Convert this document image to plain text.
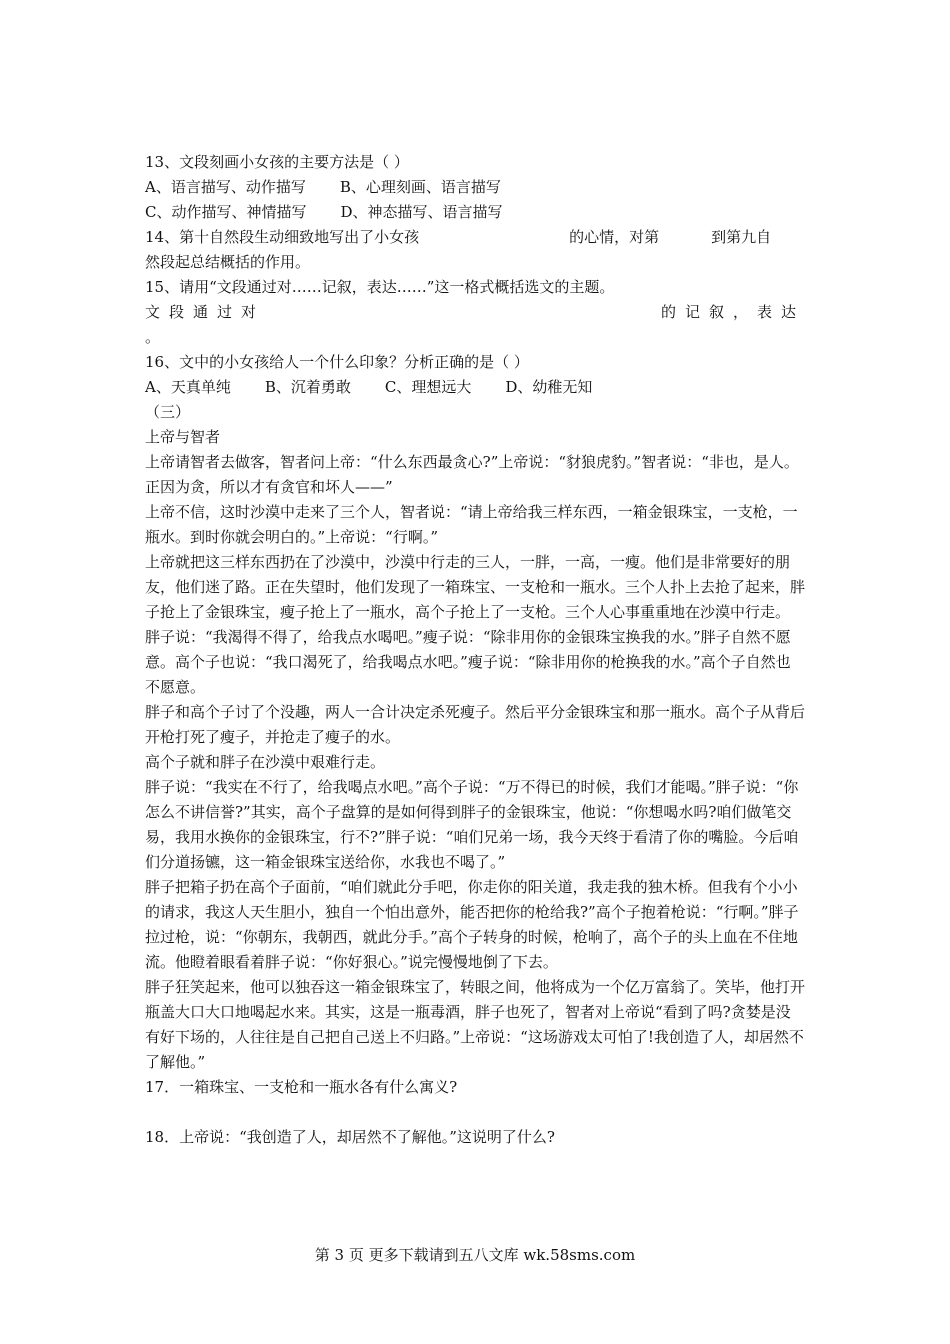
13、文段刻画小女孩的主要方法是（ ）

A、语言描写、动作描写 B、心理刻画、语言描写

C、动作描写、神情描写 D、神态描写、语言描写

14、第十自然段生动细致地写出了小女孩	的心情，对第	到第九自

然段起总结概括的作用。

15、请用“文段通过对……记叙，表达……”这一格式概括选文的主题。

文段通过对	的记叙，表达

。

16、文中的小女孩给人一个什么印象？分析正确的是（ ）

A、天真单纯 B、沉着勇敢 C、理想远大 D、幼稚无知

（三）

上帝与智者

上帝请智者去做客，智者问上帝：“什么东西最贪心?”上帝说：“豺狼虎豹。”智者说：“非也，是人。正因为贪，所以才有贪官和坏人——”

上帝不信，这时沙漠中走来了三个人，智者说：“请上帝给我三样东西，一箱金银珠宝，一支枪，一瓶水。到时你就会明白的。”上帝说：“行啊。”

上帝就把这三样东西扔在了沙漠中，沙漠中行走的三人，一胖，一高，一瘦。他们是非常要好的朋友，他们迷了路。正在失望时，他们发现了一箱珠宝、一支枪和一瓶水。三个人扑上去抢了起来，胖子抢上了金银珠宝，瘦子抢上了一瓶水，高个子抢上了一支枪。三个人心事重重地在沙漠中行走。

胖子说：“我渴得不得了，给我点水喝吧。”瘦子说：“除非用你的金银珠宝换我的水。”胖子自然不愿意。高个子也说：“我口渴死了，给我喝点水吧。”瘦子说：“除非用你的枪换我的水。”高个子自然也不愿意。

胖子和高个子讨了个没趣，两人一合计决定杀死瘦子。然后平分金银珠宝和那一瓶水。高个子从背后开枪打死了瘦子，并抢走了瘦子的水。

高个子就和胖子在沙漠中艰难行走。

胖子说：“我实在不行了，给我喝点水吧。”高个子说：“万不得已的时候，我们才能喝。”胖子说：“你怎么不讲信誉?”其实，高个子盘算的是如何得到胖子的金银珠宝，他说：“你想喝水吗?咱们做笔交易，我用水换你的金银珠宝，行不?”胖子说：“咱们兄弟一场，我今天终于看清了你的嘴脸。今后咱们分道扬镳，这一箱金银珠宝送给你，水我也不喝了。”

胖子把箱子扔在高个子面前，“咱们就此分手吧，你走你的阳关道，我走我的独木桥。但我有个小小的请求，我这人天生胆小，独自一个怕出意外，能否把你的枪给我?”高个子抱着枪说：“行啊。”胖子拉过枪，说：“你朝东，我朝西，就此分手。”高个子转身的时候，枪响了，高个子的头上血在不住地流。他瞪着眼看着胖子说：“你好狠心。”说完慢慢地倒了下去。

胖子狂笑起来，他可以独吞这一箱金银珠宝了，转眼之间，他将成为一个亿万富翁了。笑毕，他打开瓶盖大口大口地喝起水来。其实，这是一瓶毒酒，胖子也死了，智者对上帝说“看到了吗?贪婪是没有好下场的，人往往是自己把自己送上不归路。”上帝说：“这场游戏太可怕了!我创造了人，却居然不了解他。”

17．一箱珠宝、一支枪和一瓶水各有什么寓义?

18．上帝说：“我创造了人，却居然不了解他。”这说明了什么?

第 3 页 更多下载请到五八文库 wk.58sms.com
